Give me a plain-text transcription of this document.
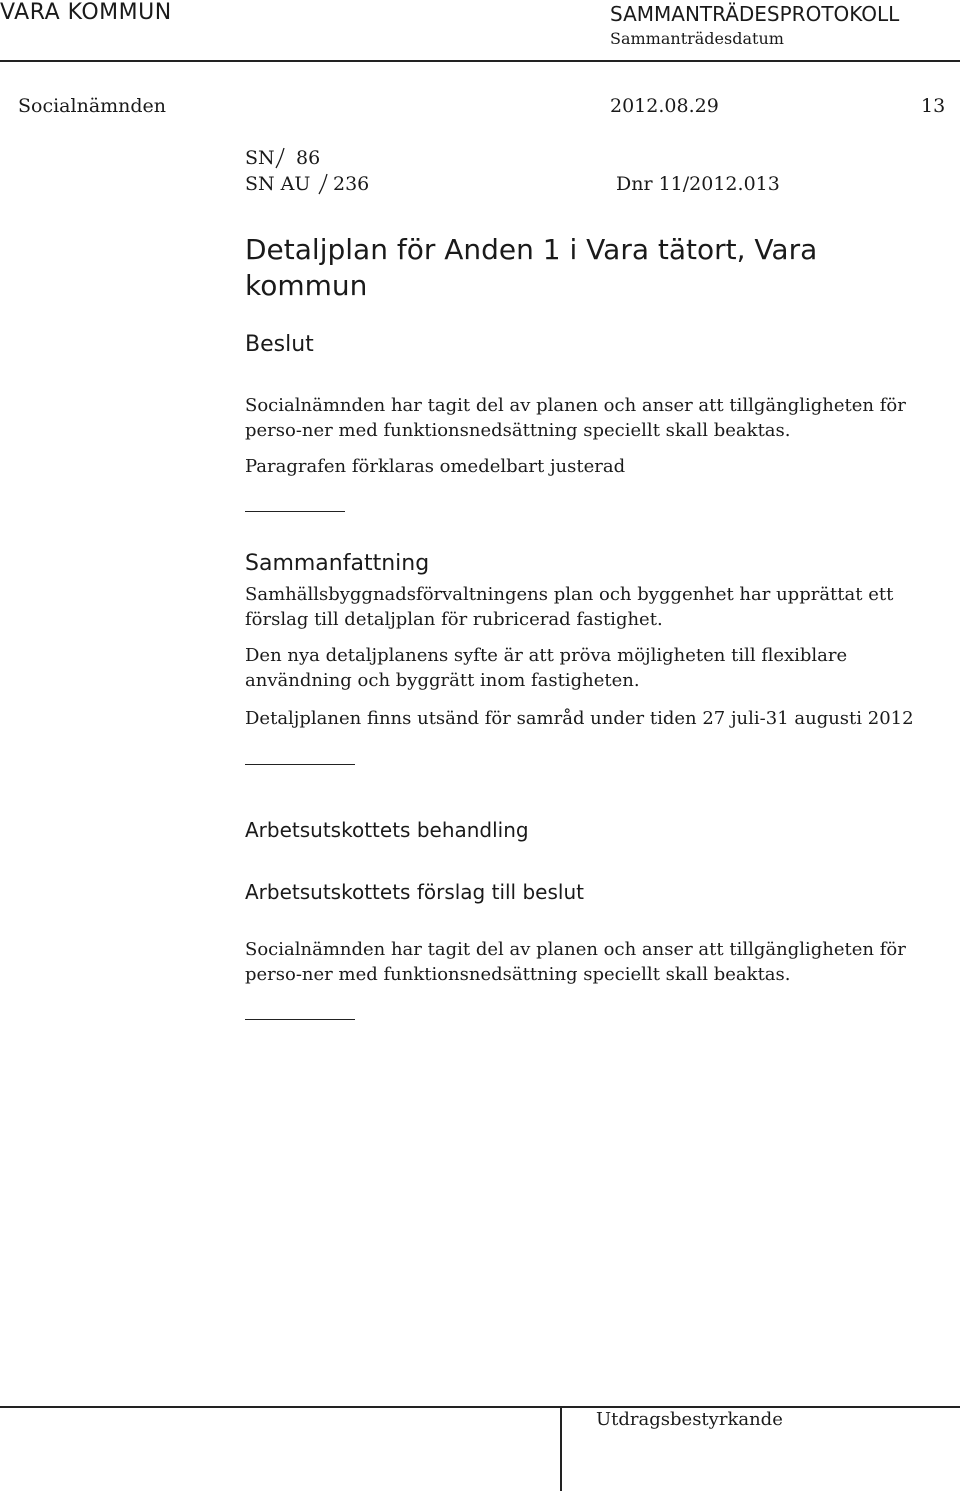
VARA KOMMUN	SAMMANTRÄDESPROTOKOLL
Sammanträdesdatum
Socialnämnden	2012.08.29	13
SN 86
SN AU 236	Dnr 11/2012.013
Detaljplan för Anden 1 i Vara tätort, Vara kommun
Beslut
Socialnämnden har tagit del av planen och anser att tillgängligheten för perso-ner med funktionsnedsättning speciellt skall beaktas.
Paragrafen förklaras omedelbart justerad
Sammanfattning
Samhällsbyggnadsförvaltningens plan och byggenhet har upprättat ett förslag till detaljplan för rubricerad fastighet.
Den nya detaljplanens syfte är att pröva möjligheten till flexiblare användning och byggrätt inom fastigheten.
Detaljplanen finns utsänd för samråd under tiden 27 juli-31 augusti 2012
Arbetsutskottets behandling
Arbetsutskottets förslag till beslut
Socialnämnden har tagit del av planen och anser att tillgängligheten för perso-ner med funktionsnedsättning speciellt skall beaktas.
Utdragsbestyrkande
